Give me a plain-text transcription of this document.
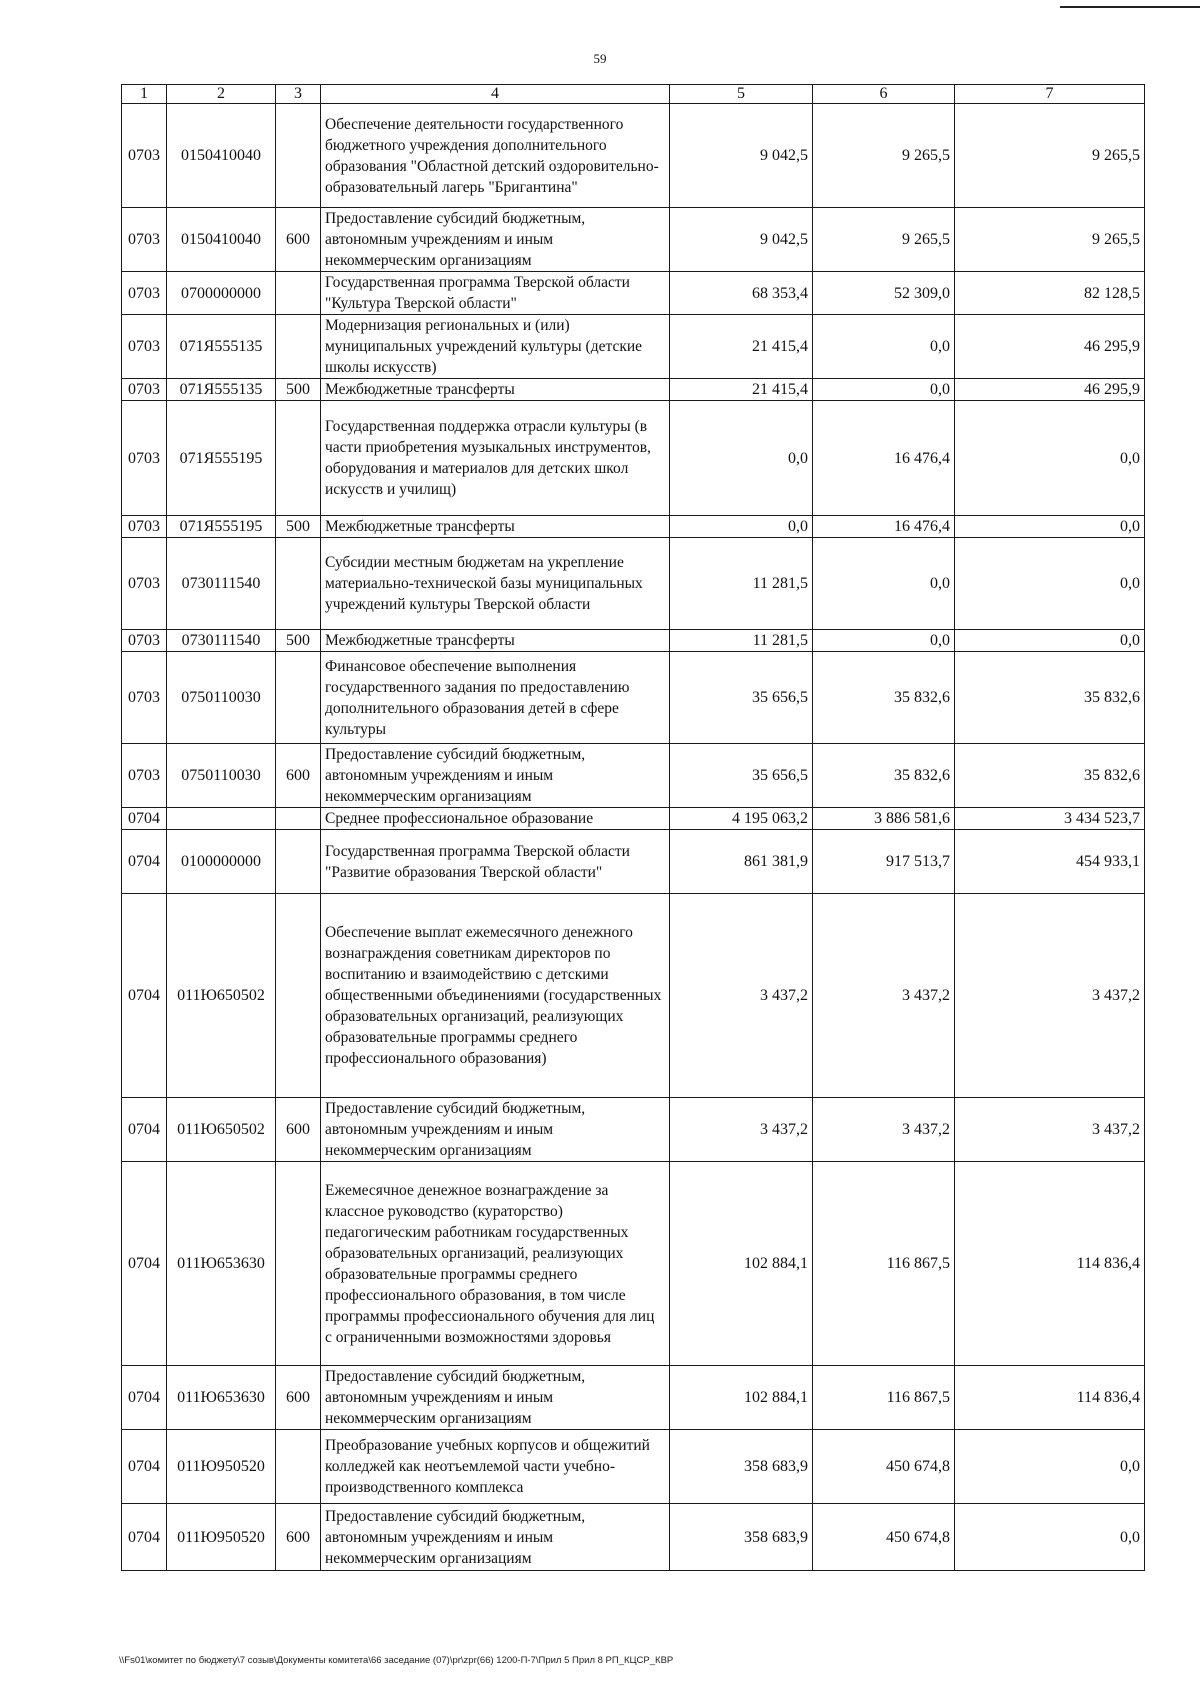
59
1	2	3	4	5	6	7
0703	0150410040		Обеспечение деятельности государственного бюджетного учреждения дополнительного образования "Областной детский оздоровительно-образовательный лагерь "Бригантина"	9 042,5	9 265,5	9 265,5
0703	0150410040	600	Предоставление субсидий бюджетным, автономным учреждениям и иным некоммерческим организациям	9 042,5	9 265,5	9 265,5
0703	0700000000		Государственная программа Тверской области "Культура Тверской области"	68 353,4	52 309,0	82 128,5
0703	071Я555135		Модернизация региональных и (или) муниципальных учреждений культуры (детские школы искусств)	21 415,4	0,0	46 295,9
0703	071Я555135	500	Межбюджетные трансферты	21 415,4	0,0	46 295,9
0703	071Я555195		Государственная поддержка отрасли культуры (в части приобретения музыкальных инструментов, оборудования и материалов для детских школ искусств и училищ)	0,0	16 476,4	0,0
0703	071Я555195	500	Межбюджетные трансферты	0,0	16 476,4	0,0
0703	0730111540		Субсидии местным бюджетам на укрепление материально-технической базы муниципальных учреждений культуры Тверской области	11 281,5	0,0	0,0
0703	0730111540	500	Межбюджетные трансферты	11 281,5	0,0	0,0
0703	0750110030		Финансовое обеспечение выполнения государственного задания по предоставлению дополнительного образования детей в сфере культуры	35 656,5	35 832,6	35 832,6
0703	0750110030	600	Предоставление субсидий бюджетным, автономным учреждениям и иным некоммерческим организациям	35 656,5	35 832,6	35 832,6
0704			Среднее профессиональное образование	4 195 063,2	3 886 581,6	3 434 523,7
0704	0100000000		Государственная программа Тверской области "Развитие образования Тверской области"	861 381,9	917 513,7	454 933,1
0704	011Ю650502		Обеспечение выплат ежемесячного денежного вознаграждения советникам директоров по воспитанию и взаимодействию с детскими общественными объединениями (государственных образовательных организаций, реализующих образовательные программы среднего профессионального образования)	3 437,2	3 437,2	3 437,2
0704	011Ю650502	600	Предоставление субсидий бюджетным, автономным учреждениям и иным некоммерческим организациям	3 437,2	3 437,2	3 437,2
0704	011Ю653630		Ежемесячное денежное вознаграждение за классное руководство (кураторство) педагогическим работникам государственных образовательных организаций, реализующих образовательные программы среднего профессионального образования, в том числе программы профессионального обучения для лиц с ограниченными возможностями здоровья	102 884,1	116 867,5	114 836,4
0704	011Ю653630	600	Предоставление субсидий бюджетным, автономным учреждениям и иным некоммерческим организациям	102 884,1	116 867,5	114 836,4
0704	011Ю950520		Преобразование учебных корпусов и общежитий колледжей как неотъемлемой части учебно-производственного комплекса	358 683,9	450 674,8	0,0
0704	011Ю950520	600	Предоставление субсидий бюджетным, автономным учреждениям и иным некоммерческим организациям	358 683,9	450 674,8	0,0
\\Fs01\комитет по бюджету\7 созыв\Документы комитета\66 заседание (07)\pr\zpr(66) 1200-П-7\Прил 5 Прил 8 РП_КЦСР_КВР
